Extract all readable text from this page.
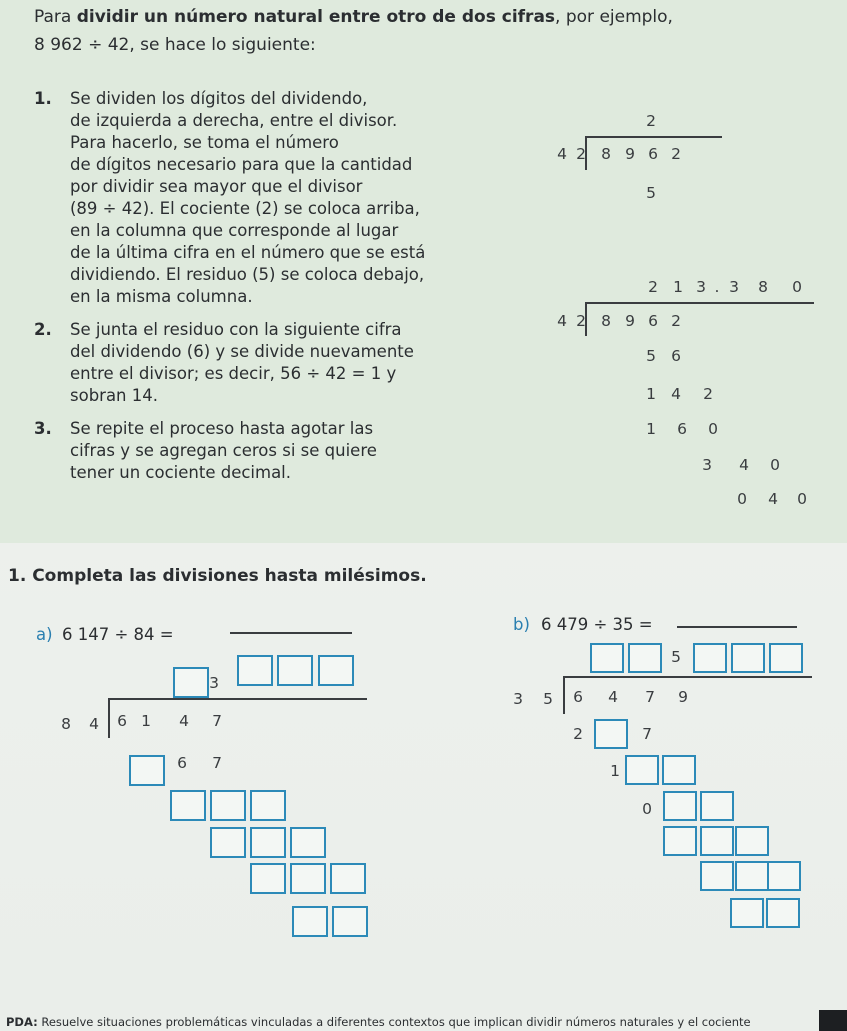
Para dividir un número natural entre otro de dos cifras, por ejemplo,
8 962 ÷ 42, se hace lo siguiente:
1. Se dividen los dígitos del dividendo,
de izquierda a derecha, entre el divisor.
Para hacerlo, se toma el número
de dígitos necesario para que la cantidad
por dividir sea mayor que el divisor
(89 ÷ 42). El cociente (2) se coloca arriba,
en la columna que corresponde al lugar
de la última cifra en el número que se está
dividiendo. El residuo (5) se coloca debajo,
en la misma columna.
2. Se junta el residuo con la siguiente cifra
del dividendo (6) y se divide nuevamente
entre el divisor; es decir, 56 ÷ 42 = 1 y
sobran 14.
3. Se repite el proceso hasta agotar las
cifras y se agregan ceros si se quiere
tener un cociente decimal.
2
4 2 8 9 6 2
5
2 1 3 . 3	8	0
4 2 8 9 6 2
5 6
1 4	2
1	6	0
3	4	0
0	4	0
1. Completa las divisiones hasta milésimos.
a) 6 147 ÷ 84 =
3
8	4	6 1	4	7
6	7
b) 6 479 ÷ 35 =
5
3	5	6	4	7	9
2	7
1
0
PDA: Resuelve situaciones problemáticas vinculadas a diferentes contextos que implican dividir números naturales y el cociente
